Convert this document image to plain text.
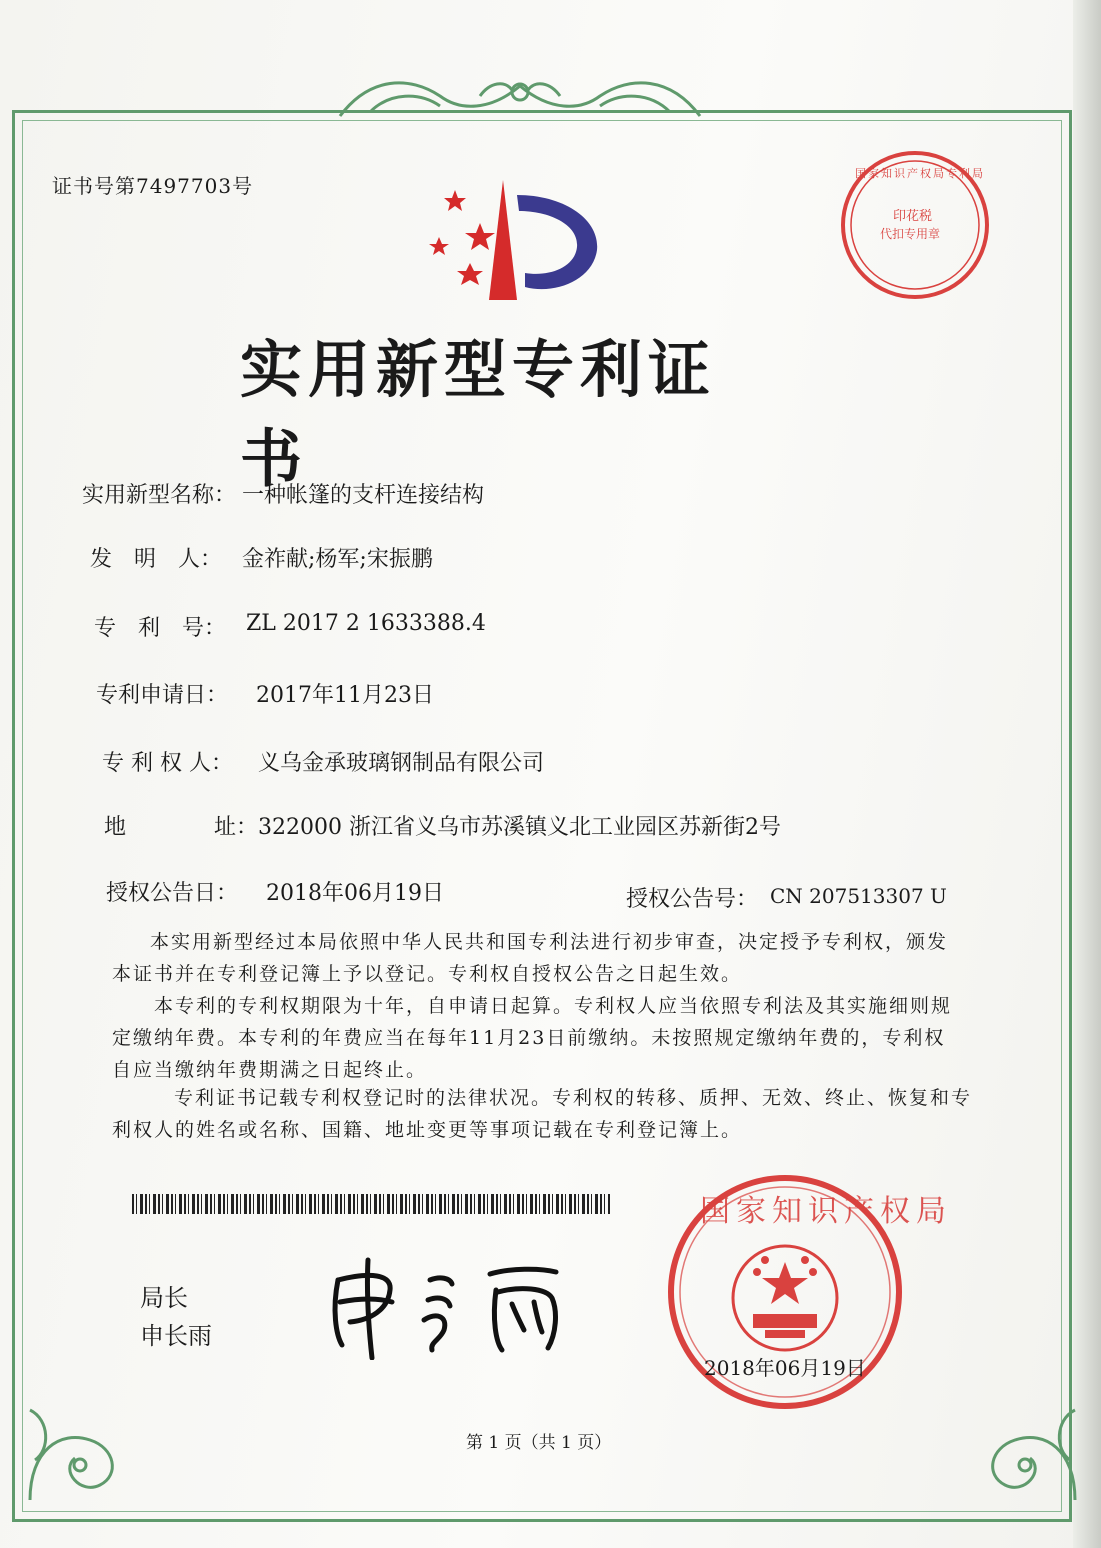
证书号第7497703号
印花税
代扣专用章
国家知识产权局专利局
实用新型专利证书
实用新型名称： 一种帐篷的支杆连接结构
发　明　人： 金祚献;杨军;宋振鹏
专　利　号： ZL 2017 2 1633388.4
专利申请日： 2017年11月23日
专 利 权 人： 义乌金承玻璃钢制品有限公司
地	址： 322000 浙江省义乌市苏溪镇义北工业园区苏新街2号
授权公告日： 2018年06月19日	授权公告号： CN 207513307 U
本实用新型经过本局依照中华人民共和国专利法进行初步审查，决定授予专利权，颁发
本证书并在专利登记簿上予以登记。专利权自授权公告之日起生效。
本专利的专利权期限为十年，自申请日起算。专利权人应当依照专利法及其实施细则规
定缴纳年费。本专利的年费应当在每年11月23日前缴纳。未按照规定缴纳年费的，专利权
自应当缴纳年费期满之日起终止。
专利证书记载专利权登记时的法律状况。专利权的转移、质押、无效、终止、恢复和专
利权人的姓名或名称、国籍、地址变更等事项记载在专利登记簿上。
局长
申长雨
国家知识产权局
2018年06月19日
第 1 页（共 1 页）
